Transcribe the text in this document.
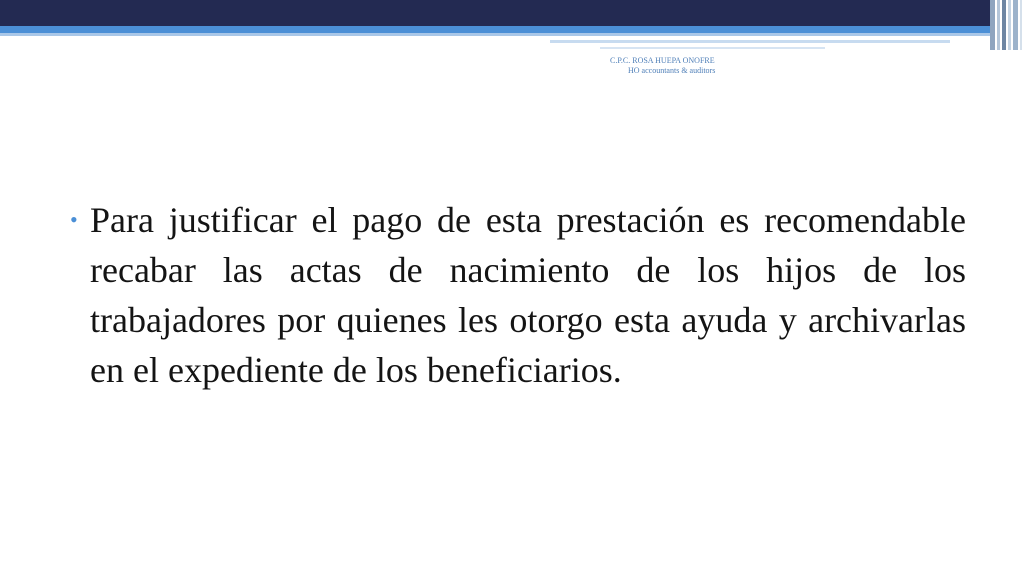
C.P.C. ROSA HUEPA ONOFRE
HO accountants & auditors
• Para justificar el pago de esta prestación es recomendable recabar las actas de nacimiento de los hijos de los trabajadores por quienes les otorgo esta ayuda y archivarlas en el expediente de los beneficiarios.
